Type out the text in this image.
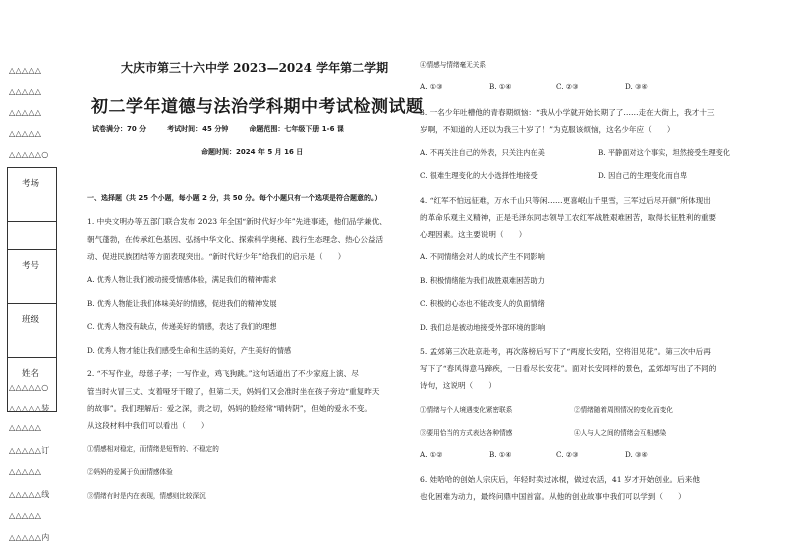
△△△△△
△△△△△
△△△△△
△△△△△
△△△△△○
考场
考号
班级
姓名
△△△△△○
△△△△△装
△△△△△
△△△△△订
△△△△△
△△△△△线
△△△△△
△△△△△内
大庆市第三十六中学 2023—2024 学年第二学期
初二学年道德与法治学科期中考试检测试题
试卷满分：70 分　　　考试时间：45 分钟　　　命题范围：七年级下册 1-6 课
命题时间：2024 年 5 月 16 日
一、选择题（共 25 个小题，每小题 2 分，共 50 分。每个小题只有一个选项是符合题意的。）
1. 中央文明办等五部门联合发布 2023 年全国“新时代好少年”先进事迹，他们品学兼优、
朝气蓬勃，在传承红色基因、弘扬中华文化、探索科学奥秘、践行生态理念、热心公益活
动、促进民族团结等方面表现突出。“新时代好少年”给我们的启示是（　　）
A. 优秀人物让我们被动接受情感体验，满足我们的精神需求
B. 优秀人物能让我们体味美好的情感，促进我们的精神发展
C. 优秀人物没有缺点，传递美好的情感，表达了我们的理想
D. 优秀人物才能让我们感受生命和生活的美好，产生美好的情感
2. “不写作业，母慈子孝；一写作业，鸡飞狗跳。”这句话道出了不少家庭上演、尽
管当时火冒三丈、支着哑牙干瞪了，但第二天，妈妈们又会准时坐在孩子旁边“重复昨天
的故事”。我们理解后：爱之深，责之切，妈妈的脸经常“晴转阴”，但她的爱永不变。
从这段材料中我们可以看出（　　）
①情感相对稳定，而情绪是短暂的、不稳定的
②妈妈的爱属于负面情感体验
③情绪有时是内在表现，情感则比较深沉
④情感与情绪毫无关系
A. ①③	B. ①④	C. ②③	D. ③④
3. 一名少年吐槽他的青春期烦恼：“我从小学就开始长期了了……走在大街上，我才十三
岁啊，不知道的人还以为我三十岁了！”为克服该烦恼，这名少年应（　　）
A. 不再关注自己的外表，只关注内在美	B. 平静面对这个事实，坦然接受生理变化
C. 很难生理变化的大小选择性地接受	D. 因自己的生理变化而自卑
4. “红军不怕远征难，万水千山只等闲……更喜岷山千里雪，三军过后尽开颜”所体现出
的革命乐观主义精神，正是毛泽东同志领导工农红军战胜艰难困苦，取得长征胜利的重要
心理因素。这主要说明（　　）
A. 不同情绪会对人的成长产生不同影响
B. 积极情绪能为我们战胜艰难困苦助力
C. 积极的心态也不能改变人的负面情绪
D. 我们总是被动地接受外部环境的影响
5. 孟郊第三次赴京赴考，再次落榜后写下了“两度长安陌，空将泪见花”。第三次中后再
写下了“春风得意马蹄疾，一日看尽长安花”。面对长安同样的景色，孟郊却写出了不同的
诗句，这说明（　　）
①情绪与个人境遇变化紧密联系	②情绪随着周围情况的变化而变化
③要用恰当的方式表达各种情感	④人与人之间的情绪会互相感染
A. ①②	B. ①④	C. ②③	D. ③④
6. 娃哈哈的创始人宗庆后，年轻时卖过冰棍，做过农活，41 岁才开始创业。后来他
也化困难为动力，最终问鼎中国首富。从他的创业故事中我们可以学到（　　）
